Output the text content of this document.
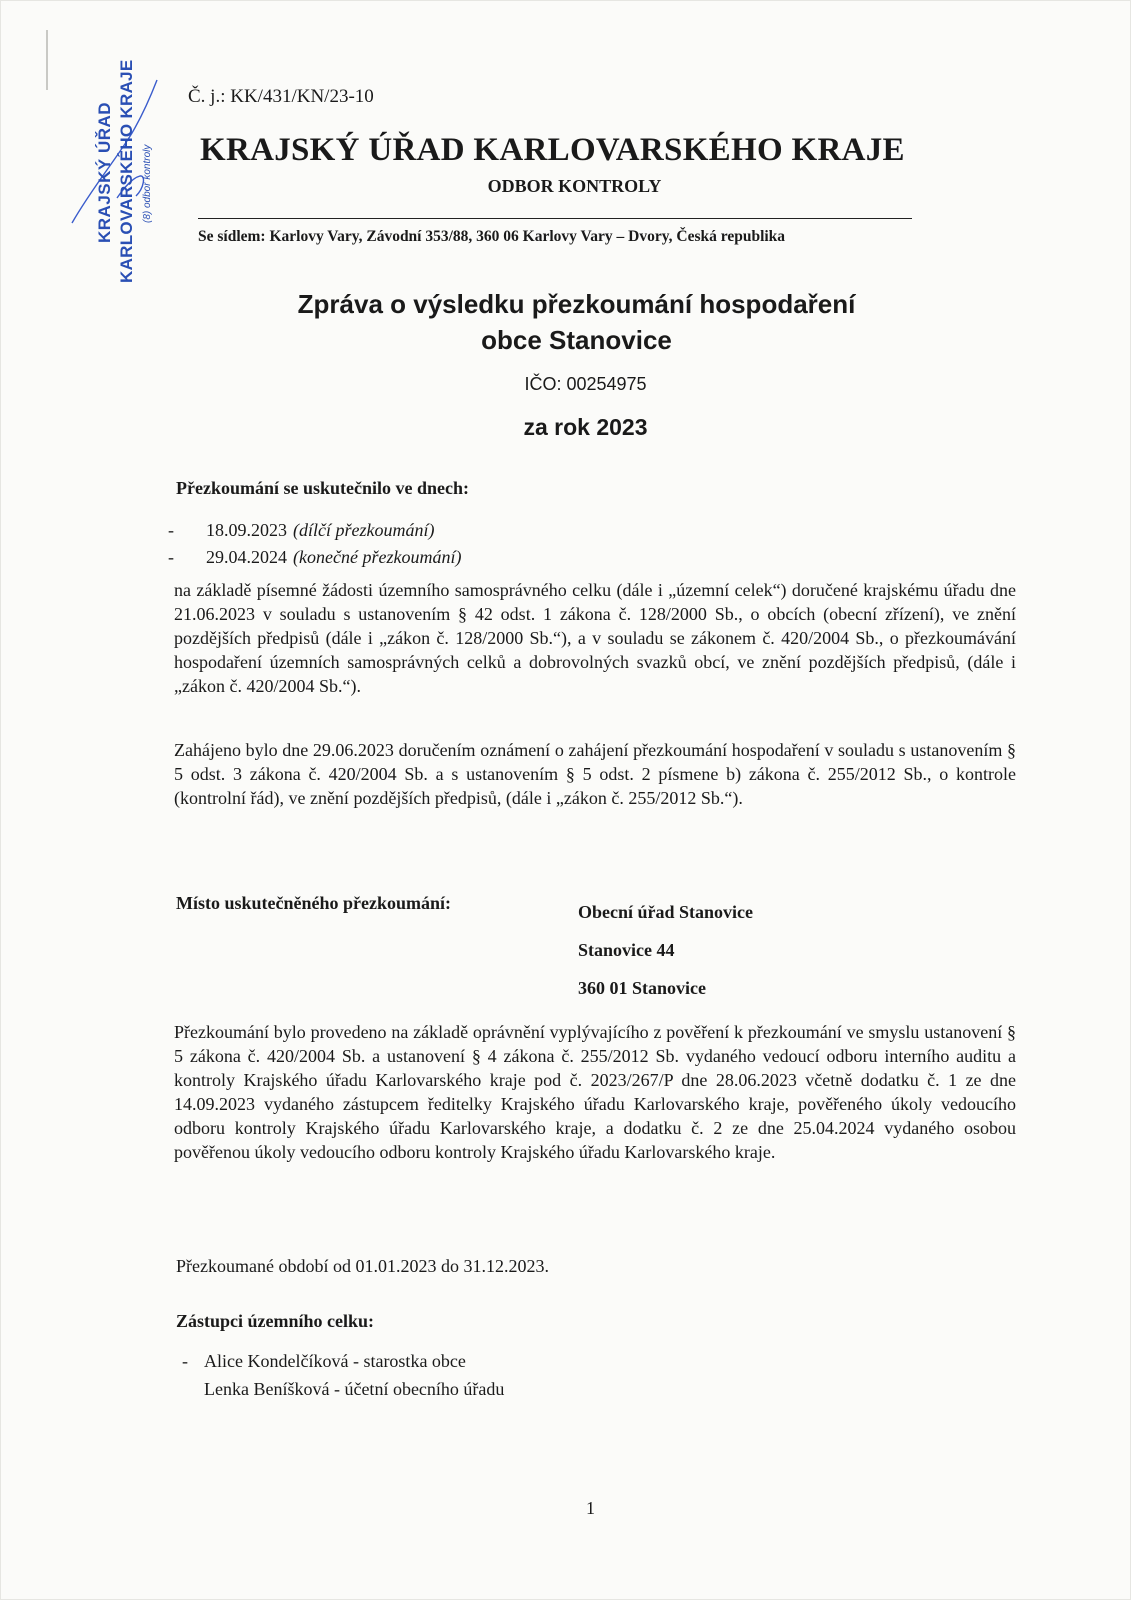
KRAJSKÝ ÚŘAD KARLOVARSKÉHO KRAJE (8) odbor kontroly
Č. j.: KK/431/KN/23-10
KRAJSKÝ ÚŘAD KARLOVARSKÉHO KRAJE
ODBOR KONTROLY
Se sídlem: Karlovy Vary, Závodní 353/88, 360 06 Karlovy Vary – Dvory, Česká republika
Zpráva o výsledku přezkoumání hospodaření
obce Stanovice
IČO: 00254975
za rok 2023
Přezkoumání se uskutečnilo ve dnech:
- 18.09.2023 (dílčí přezkoumání)
- 29.04.2024 (konečné přezkoumání)
na základě písemné žádosti územního samosprávného celku (dále i „územní celek“) doručené krajskému úřadu dne 21.06.2023 v souladu s ustanovením § 42 odst. 1 zákona č. 128/2000 Sb., o obcích (obecní zřízení), ve znění pozdějších předpisů (dále i „zákon č. 128/2000 Sb.“), a v souladu se zákonem č. 420/2004 Sb., o přezkoumávání hospodaření územních samosprávných celků a dobrovolných svazků obcí, ve znění pozdějších předpisů, (dále i „zákon č. 420/2004 Sb.“).
Zahájeno bylo dne 29.06.2023 doručením oznámení o zahájení přezkoumání hospodaření v souladu s ustanovením § 5 odst. 3 zákona č. 420/2004 Sb. a s ustanovením § 5 odst. 2 písmene b) zákona č. 255/2012 Sb., o kontrole (kontrolní řád), ve znění pozdějších předpisů, (dále i „zákon č. 255/2012 Sb.“).
Místo uskutečněného přezkoumání:	Obecní úřad Stanovice
Stanovice 44
360 01 Stanovice
Přezkoumání bylo provedeno na základě oprávnění vyplývajícího z pověření k přezkoumání ve smyslu ustanovení § 5 zákona č. 420/2004 Sb. a ustanovení § 4 zákona č. 255/2012 Sb. vydaného vedoucí odboru interního auditu a kontroly Krajského úřadu Karlovarského kraje pod č. 2023/267/P dne 28.06.2023 včetně dodatku č. 1 ze dne 14.09.2023 vydaného zástupcem ředitelky Krajského úřadu Karlovarského kraje, pověřeného úkoly vedoucího odboru kontroly Krajského úřadu Karlovarského kraje, a dodatku č. 2 ze dne 25.04.2024 vydaného osobou pověřenou úkoly vedoucího odboru kontroly Krajského úřadu Karlovarského kraje.
Přezkoumané období od 01.01.2023 do 31.12.2023.
Zástupci územního celku:
- Alice Kondelčíková - starostka obce
Lenka Beníšková - účetní obecního úřadu
1
